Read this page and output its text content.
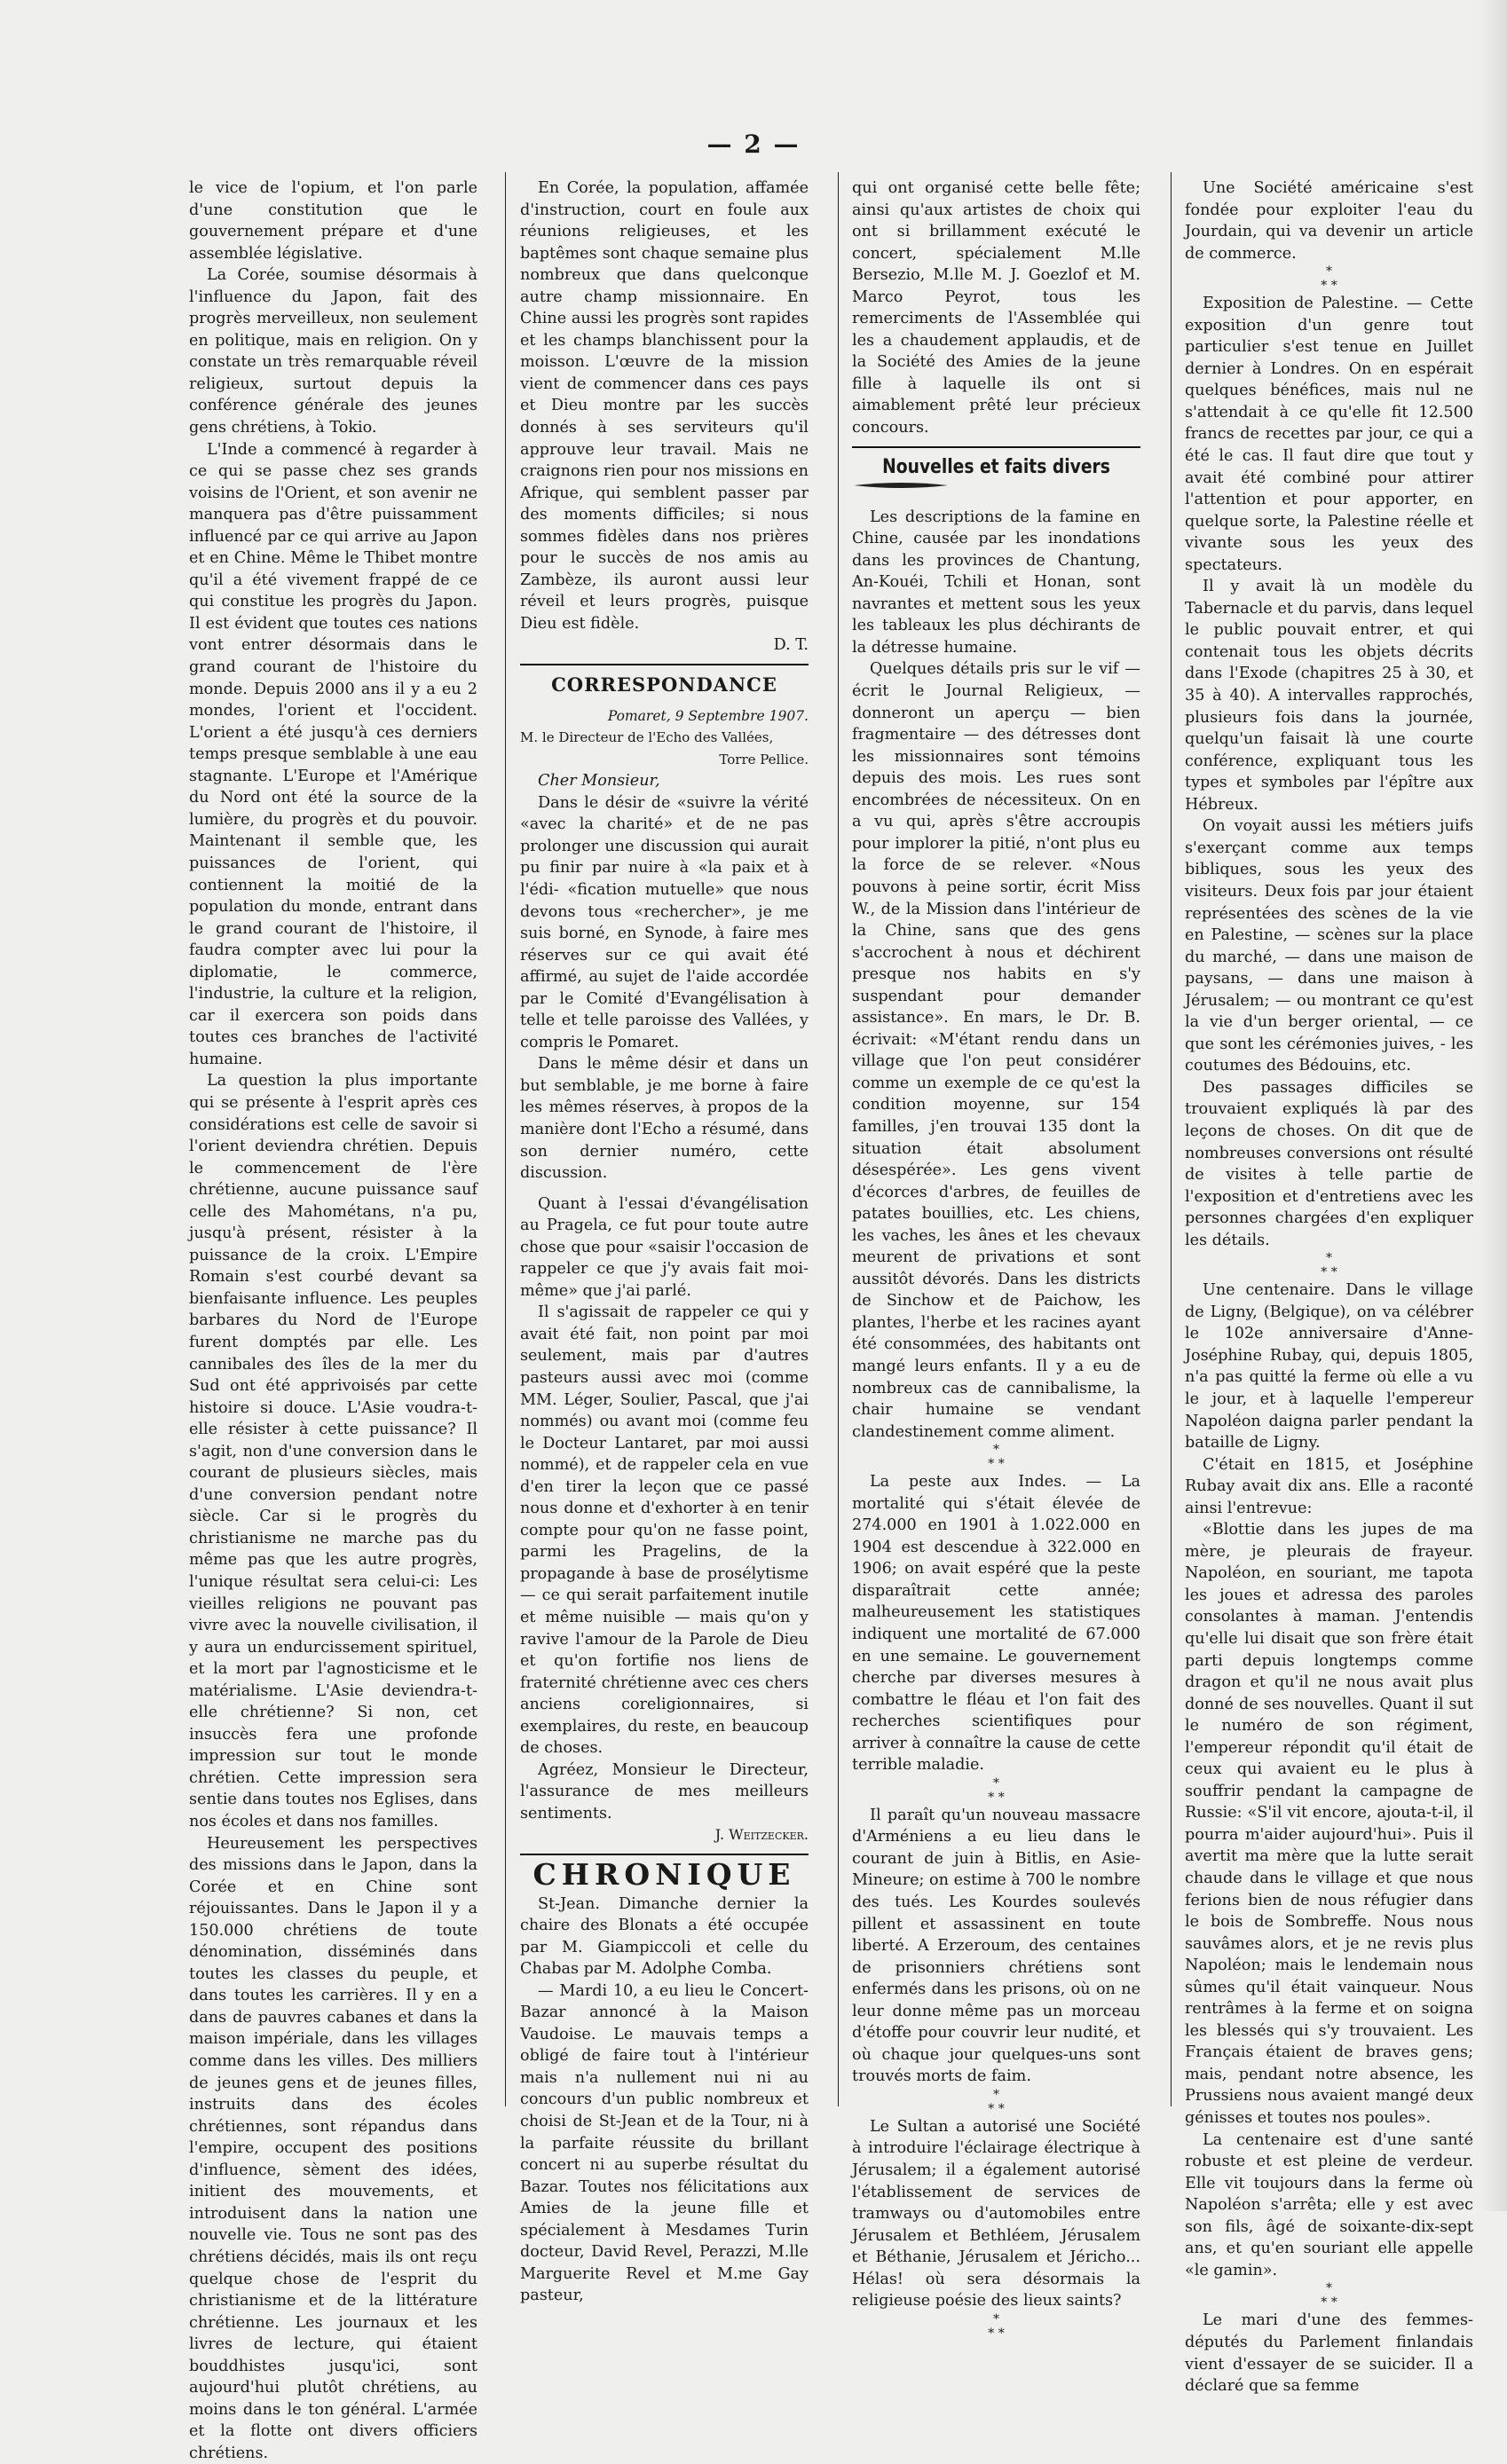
— 2 —

le vice de l'opium, et l'on parle d'une constitution que le gouvernement prépare et d'une assemblée législative.

La Corée, soumise désormais à l'influence du Japon, fait des progrès merveilleux, non seulement en politique, mais en religion. On y constate un très remarquable réveil religieux, surtout depuis la conférence générale des jeunes gens chrétiens, à Tokio.

L'Inde a commencé à regarder à ce qui se passe chez ses grands voisins de l'Orient, et son avenir ne manquera pas d'être puissamment influencé par ce qui arrive au Japon et en Chine. Même le Thibet montre qu'il a été vivement frappé de ce qui constitue les progrès du Japon. Il est évident que toutes ces nations vont entrer désormais dans le grand courant de l'histoire du monde. Depuis 2000 ans il y a eu 2 mondes, l'orient et l'occident. L'orient a été jusqu'à ces derniers temps presque semblable à une eau stagnante. L'Europe et l'Amérique du Nord ont été la source de la lumière, du progrès et du pouvoir. Maintenant il semble que, les puissances de l'orient, qui contiennent la moitié de la population du monde, entrant dans le grand courant de l'histoire, il faudra compter avec lui pour la diplomatie, le commerce, l'industrie, la culture et la religion, car il exercera son poids dans toutes ces branches de l'activité humaine.

La question la plus importante qui se présente à l'esprit après ces considérations est celle de savoir si l'orient deviendra chrétien. Depuis le commencement de l'ère chrétienne, aucune puissance sauf celle des Mahométans, n'a pu, jusqu'à présent, résister à la puissance de la croix. L'Empire Romain s'est courbé devant sa bienfaisante influence. Les peuples barbares du Nord de l'Europe furent domptés par elle. Les cannibales des îles de la mer du Sud ont été apprivoisés par cette histoire si douce. L'Asie voudra-t-elle résister à cette puissance? Il s'agit, non d'une conversion dans le courant de plusieurs siècles, mais d'une conversion pendant notre siècle. Car si le progrès du christianisme ne marche pas du même pas que les autre progrès, l'unique résultat sera celui-ci: Les vieilles religions ne pouvant pas vivre avec la nouvelle civilisation, il y aura un endurcissement spirituel, et la mort par l'agnosticisme et le matérialisme. L'Asie deviendra-t-elle chrétienne? Si non, cet insuccès fera une profonde impression sur tout le monde chrétien. Cette impression sera sentie dans toutes nos Eglises, dans nos écoles et dans nos familles.

Heureusement les perspectives des missions dans le Japon, dans la Corée et en Chine sont réjouissantes. Dans le Japon il y a 150.000 chrétiens de toute dénomination, disséminés dans toutes les classes du peuple, et dans toutes les carrières. Il y en a dans de pauvres cabanes et dans la maison impériale, dans les villages comme dans les villes. Des milliers de jeunes gens et de jeunes filles, instruits dans des écoles chrétiennes, sont répandus dans l'empire, occupent des positions d'influence, sèment des idées, initient des mouvements, et introduisent dans la nation une nouvelle vie. Tous ne sont pas des chrétiens décidés, mais ils ont reçu quelque chose de l'esprit du christianisme et de la littérature chrétienne. Les journaux et les livres de lecture, qui étaient bouddhistes jusqu'ici, sont aujourd'hui plutôt chrétiens, au moins dans le ton général. L'armée et la flotte ont divers officiers chrétiens.

En Corée, la population, affamée d'instruction, court en foule aux réunions religieuses, et les baptêmes sont chaque semaine plus nombreux que dans quelconque autre champ missionnaire. En Chine aussi les progrès sont rapides et les champs blanchissent pour la moisson. L'œuvre de la mission vient de commencer dans ces pays et Dieu montre par les succès donnés à ses serviteurs qu'il approuve leur travail. Mais ne craignons rien pour nos missions en Afrique, qui semblent passer par des moments difficiles; si nous sommes fidèles dans nos prières pour le succès de nos amis au Zambèze, ils auront aussi leur réveil et leurs progrès, puisque Dieu est fidèle.

D. T.
CORRESPONDANCE
Pomaret, 9 Septembre 1907.
M. le Directeur de l'Echo des Vallées,
Torre Pellice.

Cher Monsieur,

Dans le désir de «suivre la vérité «avec la charité» et de ne pas prolonger une discussion qui aurait pu finir par nuire à «la paix et à l'édi- «fication mutuelle» que nous devons tous «rechercher», je me suis borné, en Synode, à faire mes réserves sur ce qui avait été affirmé, au sujet de l'aide accordée par le Comité d'Evangélisation à telle et telle paroisse des Vallées, y compris le Pomaret.

Dans le même désir et dans un but semblable, je me borne à faire les mêmes réserves, à propos de la manière dont l'Echo a résumé, dans son dernier numéro, cette discussion.

Quant à l'essai d'évangélisation au Pragela, ce fut pour toute autre chose que pour «saisir l'occasion de rappeler ce que j'y avais fait moi-même» que j'ai parlé.

Il s'agissait de rappeler ce qui y avait été fait, non point par moi seulement, mais par d'autres pasteurs aussi avec moi (comme MM. Léger, Soulier, Pascal, que j'ai nommés) ou avant moi (comme feu le Docteur Lantaret, par moi aussi nommé), et de rappeler cela en vue d'en tirer la leçon que ce passé nous donne et d'exhorter à en tenir compte pour qu'on ne fasse point, parmi les Pragelins, de la propagande à base de prosélytisme — ce qui serait parfaitement inutile et même nuisible — mais qu'on y ravive l'amour de la Parole de Dieu et qu'on fortifie nos liens de fraternité chrétienne avec ces chers anciens coreligionnaires, si exemplaires, du reste, en beaucoup de choses.

Agréez, Monsieur le Directeur, l'assurance de mes meilleurs sentiments.

J. Weitzecker.
CHRONIQUE

St-Jean. Dimanche dernier la chaire des Blonats a été occupée par M. Giampiccoli et celle du Chabas par M. Adolphe Comba.

— Mardi 10, a eu lieu le Concert-Bazar annoncé à la Maison Vaudoise. Le mauvais temps a obligé de faire tout à l'intérieur mais n'a nullement nui ni au concours d'un public nombreux et choisi de St-Jean et de la Tour, ni à la parfaite réussite du brillant concert ni au superbe résultat du Bazar. Toutes nos félicitations aux Amies de la jeune fille et spécialement à Mesdames Turin docteur, David Revel, Perazzi, M.lle Marguerite Revel et M.me Gay pasteur,

qui ont organisé cette belle fête; ainsi qu'aux artistes de choix qui ont si brillamment exécuté le concert, spécialement M.lle Bersezio, M.lle M. J. Goezlof et M. Marco Peyrot, tous les remerciments de l'Assemblée qui les a chaudement applaudis, et de la Société des Amies de la jeune fille à laquelle ils ont si aimablement prêté leur précieux concours.

Nouvelles et faits divers

Les descriptions de la famine en Chine, causée par les inondations dans les provinces de Chantung, An-Kouéi, Tchili et Honan, sont navrantes et mettent sous les yeux les tableaux les plus déchirants de la détresse humaine.

Quelques détails pris sur le vif — écrit le Journal Religieux, — donneront un aperçu — bien fragmentaire — des détresses dont les missionnaires sont témoins depuis des mois. Les rues sont encombrées de nécessiteux. On en a vu qui, après s'être accroupis pour implorer la pitié, n'ont plus eu la force de se relever. «Nous pouvons à peine sortir, écrit Miss W., de la Mission dans l'intérieur de la Chine, sans que des gens s'accrochent à nous et déchirent presque nos habits en s'y suspendant pour demander assistance». En mars, le Dr. B. écrivait: «M'étant rendu dans un village que l'on peut considérer comme un exemple de ce qu'est la condition moyenne, sur 154 familles, j'en trouvai 135 dont la situation était absolument désespérée». Les gens vivent d'écorces d'arbres, de feuilles de patates bouillies, etc. Les chiens, les vaches, les ânes et les chevaux meurent de privations et sont aussitôt dévorés. Dans les districts de Sinchow et de Paichow, les plantes, l'herbe et les racines ayant été consommées, des habitants ont mangé leurs enfants. Il y a eu de nombreux cas de cannibalisme, la chair humaine se vendant clandestinement comme aliment.

*
* *

La peste aux Indes. — La mortalité qui s'était élevée de 274.000 en 1901 à 1.022.000 en 1904 est descendue à 322.000 en 1906; on avait espéré que la peste disparaîtrait cette année; malheureusement les statistiques indiquent une mortalité de 67.000 en une semaine. Le gouvernement cherche par diverses mesures à combattre le fléau et l'on fait des recherches scientifiques pour arriver à connaître la cause de cette terrible maladie.

*
* *

Il paraît qu'un nouveau massacre d'Arméniens a eu lieu dans le courant de juin à Bitlis, en Asie-Mineure; on estime à 700 le nombre des tués. Les Kourdes soulevés pillent et assassinent en toute liberté. A Erzeroum, des centaines de prisonniers chrétiens sont enfermés dans les prisons, où on ne leur donne même pas un morceau d'étoffe pour couvrir leur nudité, et où chaque jour quelques-uns sont trouvés morts de faim.

*
* *

Le Sultan a autorisé une Société à introduire l'éclairage électrique à Jérusalem; il a également autorisé l'établissement de services de tramways ou d'automobiles entre Jérusalem et Bethléem, Jérusalem et Béthanie, Jérusalem et Jéricho... Hélas! où sera désormais la religieuse poésie des lieux saints?

*
* *

Une Société américaine s'est fondée pour exploiter l'eau du Jourdain, qui va devenir un article de commerce.

*
* *

Exposition de Palestine. — Cette exposition d'un genre tout particulier s'est tenue en Juillet dernier à Londres. On en espérait quelques bénéfices, mais nul ne s'attendait à ce qu'elle fit 12.500 francs de recettes par jour, ce qui a été le cas. Il faut dire que tout y avait été combiné pour attirer l'attention et pour apporter, en quelque sorte, la Palestine réelle et vivante sous les yeux des spectateurs.

Il y avait là un modèle du Tabernacle et du parvis, dans lequel le public pouvait entrer, et qui contenait tous les objets décrits dans l'Exode (chapitres 25 à 30, et 35 à 40). A intervalles rapprochés, plusieurs fois dans la journée, quelqu'un faisait là une courte conférence, expliquant tous les types et symboles par l'épître aux Hébreux.

On voyait aussi les métiers juifs s'exerçant comme aux temps bibliques, sous les yeux des visiteurs. Deux fois par jour étaient représentées des scènes de la vie en Palestine, — scènes sur la place du marché, — dans une maison de paysans, — dans une maison à Jérusalem; — ou montrant ce qu'est la vie d'un berger oriental, — ce que sont les cérémonies juives, - les coutumes des Bédouins, etc.

Des passages difficiles se trouvaient expliqués là par des leçons de choses. On dit que de nombreuses conversions ont résulté de visites à telle partie de l'exposition et d'entretiens avec les personnes chargées d'en expliquer les détails.

*
* *

Une centenaire. Dans le village de Ligny, (Belgique), on va célébrer le 102e anniversaire d'Anne-Joséphine Rubay, qui, depuis 1805, n'a pas quitté la ferme où elle a vu le jour, et à laquelle l'empereur Napoléon daigna parler pendant la bataille de Ligny.

C'était en 1815, et Joséphine Rubay avait dix ans. Elle a raconté ainsi l'entrevue:

«Blottie dans les jupes de ma mère, je pleurais de frayeur. Napoléon, en souriant, me tapota les joues et adressa des paroles consolantes à maman. J'entendis qu'elle lui disait que son frère était parti depuis longtemps comme dragon et qu'il ne nous avait plus donné de ses nouvelles. Quant il sut le numéro de son régiment, l'empereur répondit qu'il était de ceux qui avaient eu le plus à souffrir pendant la campagne de Russie: «S'il vit encore, ajouta-t-il, il pourra m'aider aujourd'hui». Puis il avertit ma mère que la lutte serait chaude dans le village et que nous ferions bien de nous réfugier dans le bois de Sombreffe. Nous nous sauvâmes alors, et je ne revis plus Napoléon; mais le lendemain nous sûmes qu'il était vainqueur. Nous rentrâmes à la ferme et on soigna les blessés qui s'y trouvaient. Les Français étaient de braves gens; mais, pendant notre absence, les Prussiens nous avaient mangé deux génisses et toutes nos poules».

La centenaire est d'une santé robuste et est pleine de verdeur. Elle vit toujours dans la ferme où Napoléon s'arrêta; elle y est avec son fils, âgé de soixante-dix-sept ans, et qu'en souriant elle appelle «le gamin».

*
* *

Le mari d'une des femmes-députés du Parlement finlandais vient d'essayer de se suicider. Il a déclaré que sa femme
